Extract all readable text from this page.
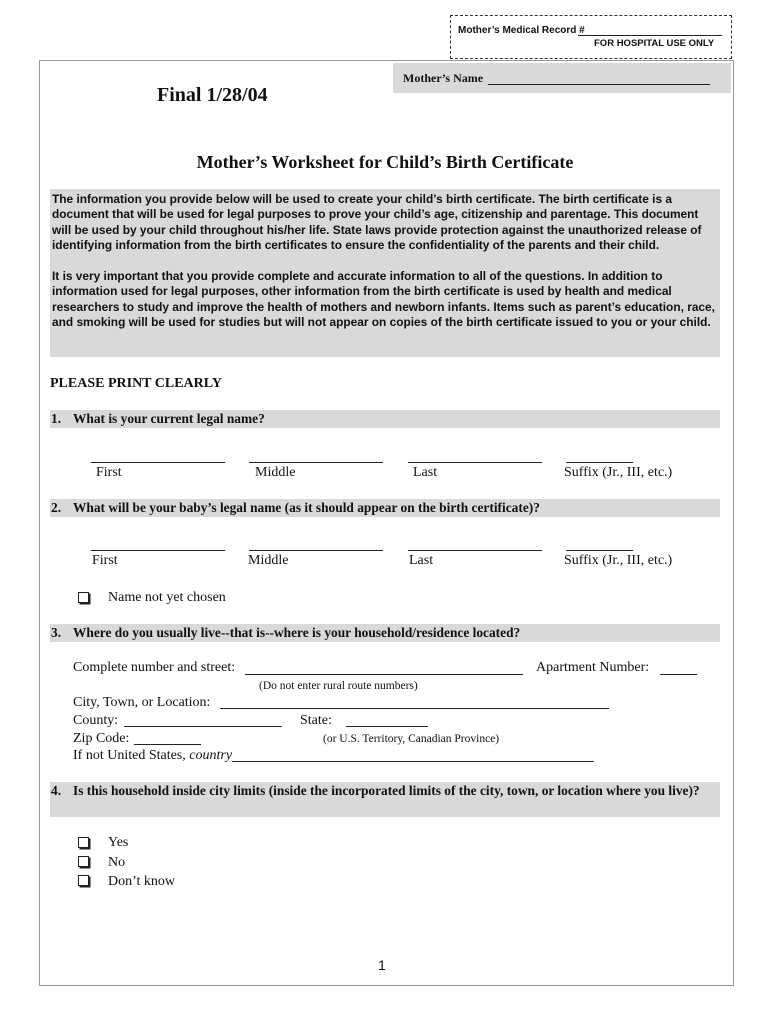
Mother’s Medical Record #
FOR HOSPITAL USE ONLY
Mother’s Name
Final 1/28/04
Mother’s Worksheet for Child’s Birth Certificate

The information you provide below will be used to create your child’s birth certificate. The birth certificate is a document that will be used for legal purposes to prove your child’s age, citizenship and parentage. This document will be used by your child throughout his/her life. State laws provide protection against the unauthorized release of identifying information from the birth certificates to ensure the confidentiality of the parents and their child.

It is very important that you provide complete and accurate information to all of the questions. In addition to information used for legal purposes, other information from the birth certificate is used by health and medical researchers to study and improve the health of mothers and newborn infants. Items such as parent’s education, race, and smoking will be used for studies but will not appear on copies of the birth certificate issued to you or your child.

PLEASE PRINT CLEARLY
1. What is your current legal name?
First	Middle	Last	Suffix (Jr., III, etc.)
2. What will be your baby’s legal name (as it should appear on the birth certificate)?
First	Middle	Last	Suffix (Jr., III, etc.)
Name not yet chosen
3. Where do you usually live--that is--where is your household/residence located?
Complete number and street:	Apartment Number:
(Do not enter rural route numbers)
City, Town, or Location:
County:	State:
Zip Code:	(or U.S. Territory, Canadian Province)
If not United States, country
4. Is this household inside city limits (inside the incorporated limits of the city, town, or location where you live)?
Yes
No
Don’t know
1
